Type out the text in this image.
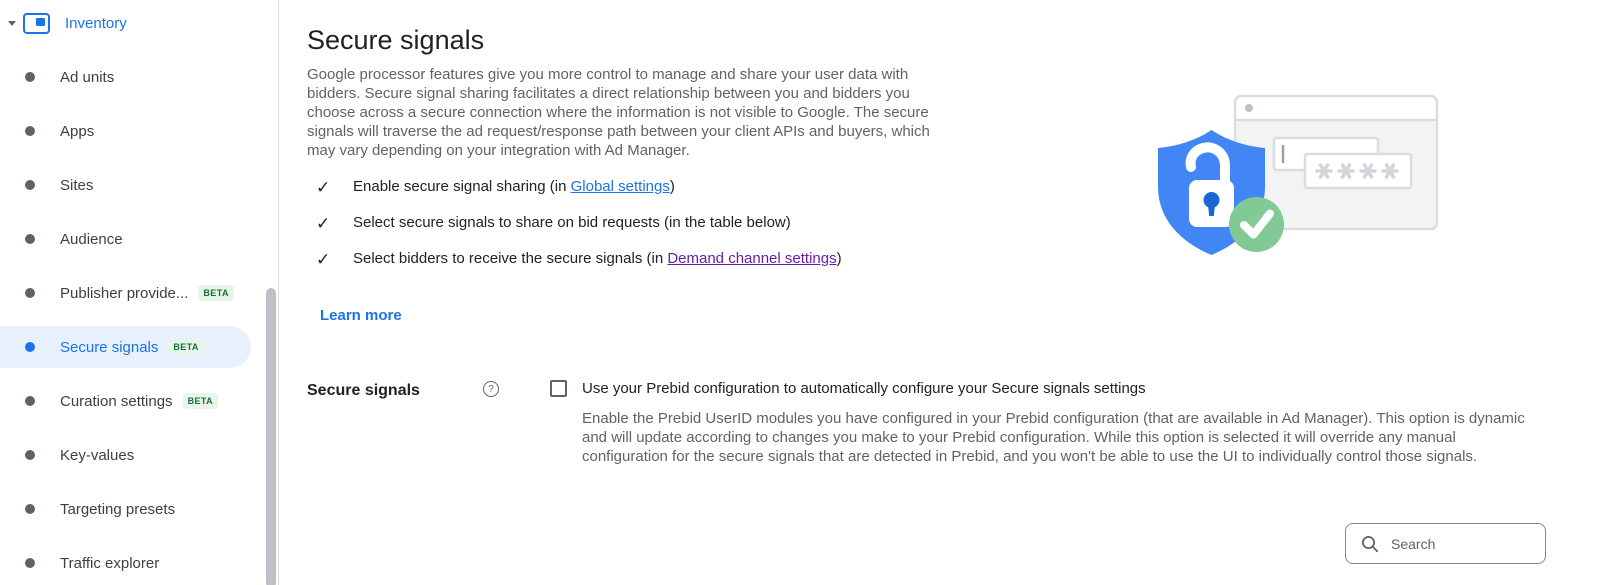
Inventory
Ad units
Apps
Sites
Audience
Publisher provide...	BETA
Secure signals	BETA
Curation settings	BETA
Key-values
Targeting presets
Traffic explorer
Secure signals

Google processor features give you more control to manage and share your user data with bidders. Secure signal sharing facilitates a direct relationship between you and bidders you choose across a secure connection where the information is not visible to Google. The secure signals will traverse the ad request/response path between your client APIs and buyers, which may vary depending on your integration with Ad Manager.

✓	Enable secure signal sharing (in Global settings)
✓	Select secure signals to share on bid requests (in the table below)
✓	Select bidders to receive the secure signals (in Demand channel settings)
Learn more
Secure signals	?	Use your Prebid configuration to automatically configure your Secure signals settings

Enable the Prebid UserID modules you have configured in your Prebid configuration (that are available in Ad Manager). This option is dynamic and will update according to changes you make to your Prebid configuration. While this option is selected it will override any manual configuration for the secure signals that are detected in Prebid, and you won't be able to use the UI to individually control those signals.

Search
